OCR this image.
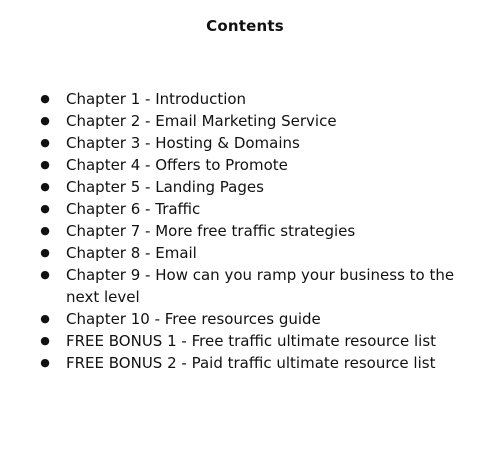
Contents
● Chapter 1 - Introduction
● Chapter 2 - Email Marketing Service
● Chapter 3 - Hosting & Domains
● Chapter 4 - Offers to Promote
● Chapter 5 - Landing Pages
● Chapter 6 - Traffic
● Chapter 7 - More free traffic strategies
● Chapter 8 - Email
● Chapter 9 - How can you ramp your business to the next level
● Chapter 10 - Free resources guide
● FREE BONUS 1 - Free traffic ultimate resource list
● FREE BONUS 2 - Paid traffic ultimate resource list
